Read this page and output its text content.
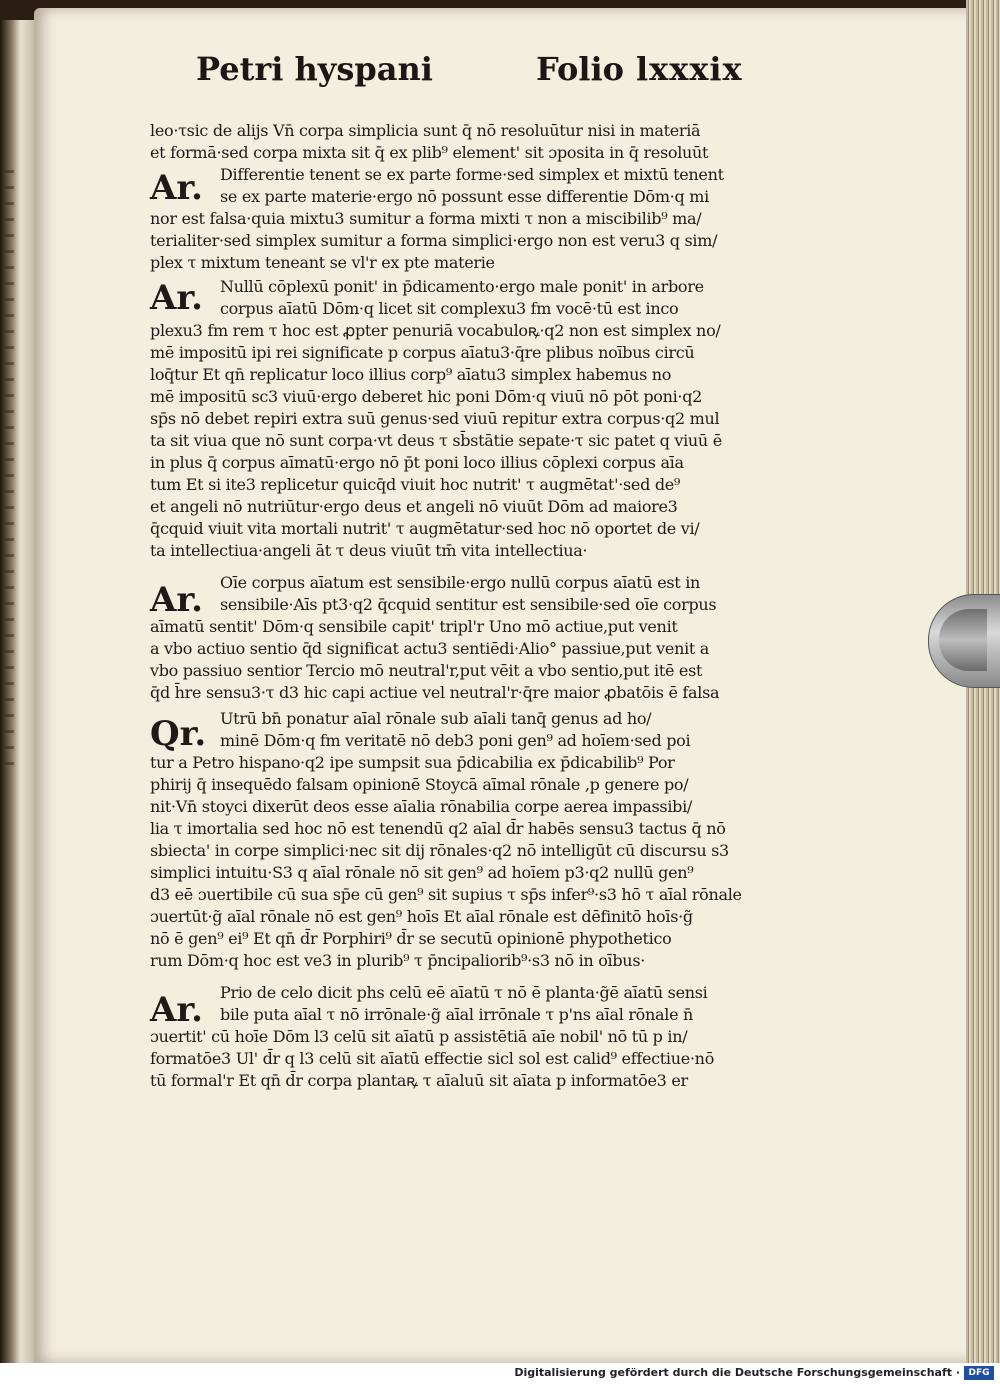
Petri hyspani	Folio lxxxix
Ar.
Ar.
Ar.
Qr.
Ar.
leo·τsic de alijs Vn̄ corpa simplicia sunt q̄ nō resoluūtur nisi in materiā
et formā·sed corpa mixta sit q̄ ex plib⁹ element' sit ɔposita in q̄ resoluūt
Differentie tenent se ex parte forme·sed simplex et mixtū tenent
se ex parte materie·ergo nō possunt esse differentie Dōm·q mi
nor est falsa·quia mixtu3 sumitur a forma mixti τ non a miscibilib⁹ ma/
terialiter·sed simplex sumitur a forma simplici·ergo non est veru3 q sim/
plex τ mixtum teneant se vl'r ex pte materie
Nullū cōplexū ponit' in p̄dicamento·ergo male ponit' in arbore
corpus aīatū Dōm·q licet sit complexu3 fm vocē·tū est inco
plexu3 fm rem τ hoc est ꝓpter penuriā vocabuloꝶ·q2 non est simplex no/
mē impositū ipi rei significate p corpus aīatu3·q̄re plibus noībus circū
loq̄tur Et qn̄ replicatur loco illius corp⁹ aīatu3 simplex habemus no
mē impositū sc3 viuū·ergo deberet hic poni Dōm·q viuū nō pōt poni·q2
sp̄s nō debet repiri extra suū genus·sed viuū repitur extra corpus·q2 mul
ta sit viua que nō sunt corpa·vt deus τ sb̄stātie sepate·τ sic patet q viuū ē
in plus q̄ corpus aīmatū·ergo nō p̄t poni loco illius cōplexi corpus aīa
tum Et si ite3 replicetur quicq̄d viuit hoc nutrit' τ augmētat'·sed de⁹
et angeli nō nutriūtur·ergo deus et angeli nō viuūt Dōm ad maiore3
q̄cquid viuit vita mortali nutrit' τ augmētatur·sed hoc nō oportet de vi/
ta intellectiua·angeli āt τ deus viuūt tm̄ vita intellectiua·
Oīe corpus aīatum est sensibile·ergo nullū corpus aīatū est in
sensibile·Aīs pt3·q2 q̄cquid sentitur est sensibile·sed oīe corpus
aīmatū sentit' Dōm·q sensibile capit' tripl'r Uno mō actiue,put venit
a vbo actiuo sentio q̄d significat actu3 sentiēdi·Alio° passiue,put venit a
vbo passiuo sentior Tercio mō neutral'r,put vēit a vbo sentio,put itē est
q̄d h̄re sensu3·τ d3 hic capi actiue vel neutral'r·q̄re maior ꝓbatōis ē falsa
Utrū bn̄ ponatur aīal rōnale sub aīali tanq̄ genus ad ho/
minē Dōm·q fm veritatē nō deb3 poni gen⁹ ad hoīem·sed poi
tur a Petro hispano·q2 ipe sumpsit sua p̄dicabilia ex p̄dicabilib⁹ Por
phirij q̄ insequēdo falsam opinionē Stoycā aīmal rōnale ,p genere po/
nit·Vn̄ stoyci dixerūt deos esse aīalia rōnabilia corpe aerea impassibi/
lia τ imortalia sed hoc nō est tenendū q2 aīal d̄r habēs sensu3 tactus q̄ nō
sbiecta' in corpe simplici·nec sit dij rōnales·q2 nō intelligūt cū discursu s3
simplici intuitu·S3 q aīal rōnale nō sit gen⁹ ad hoīem p3·q2 nullū gen⁹
d3 eē ɔuertibile cū sua sp̄e cū gen⁹ sit supius τ sp̄s infer⁹·s3 hō τ aīal rōnale
ɔuertūt·g̃ aīal rōnale nō est gen⁹ hoīs Et aīal rōnale est dēfinitō hoīs·g̃
nō ē gen⁹ ei⁹ Et qn̄ d̄r Porphiri⁹ d̄r se secutū opinionē phypothetico
rum Dōm·q hoc est ve3 in plurib⁹ τ p̄ncipaliorib⁹·s3 nō in oībus·
Prio de celo dicit phs celū eē aīatū τ nō ē planta·g̃ē aīatū sensi
bile puta aīal τ nō irrōnale·g̃ aīal irrōnale τ p'ns aīal rōnale n̄
ɔuertit' cū hoīe Dōm l3 celū sit aīatū p assistētiā aīe nobil' nō tū p in/
formatōe3 Ul' d̄r q l3 celū sit aīatū effectie sicl sol est calid⁹ effectiue·nō
tū formal'r Et qn̄ d̄r corpa plantaꝶ τ aīaluū sit aīata p informatōe3 er
Digitalisierung gefördert durch die Deutsche Forschungsgemeinschaft · DFG
